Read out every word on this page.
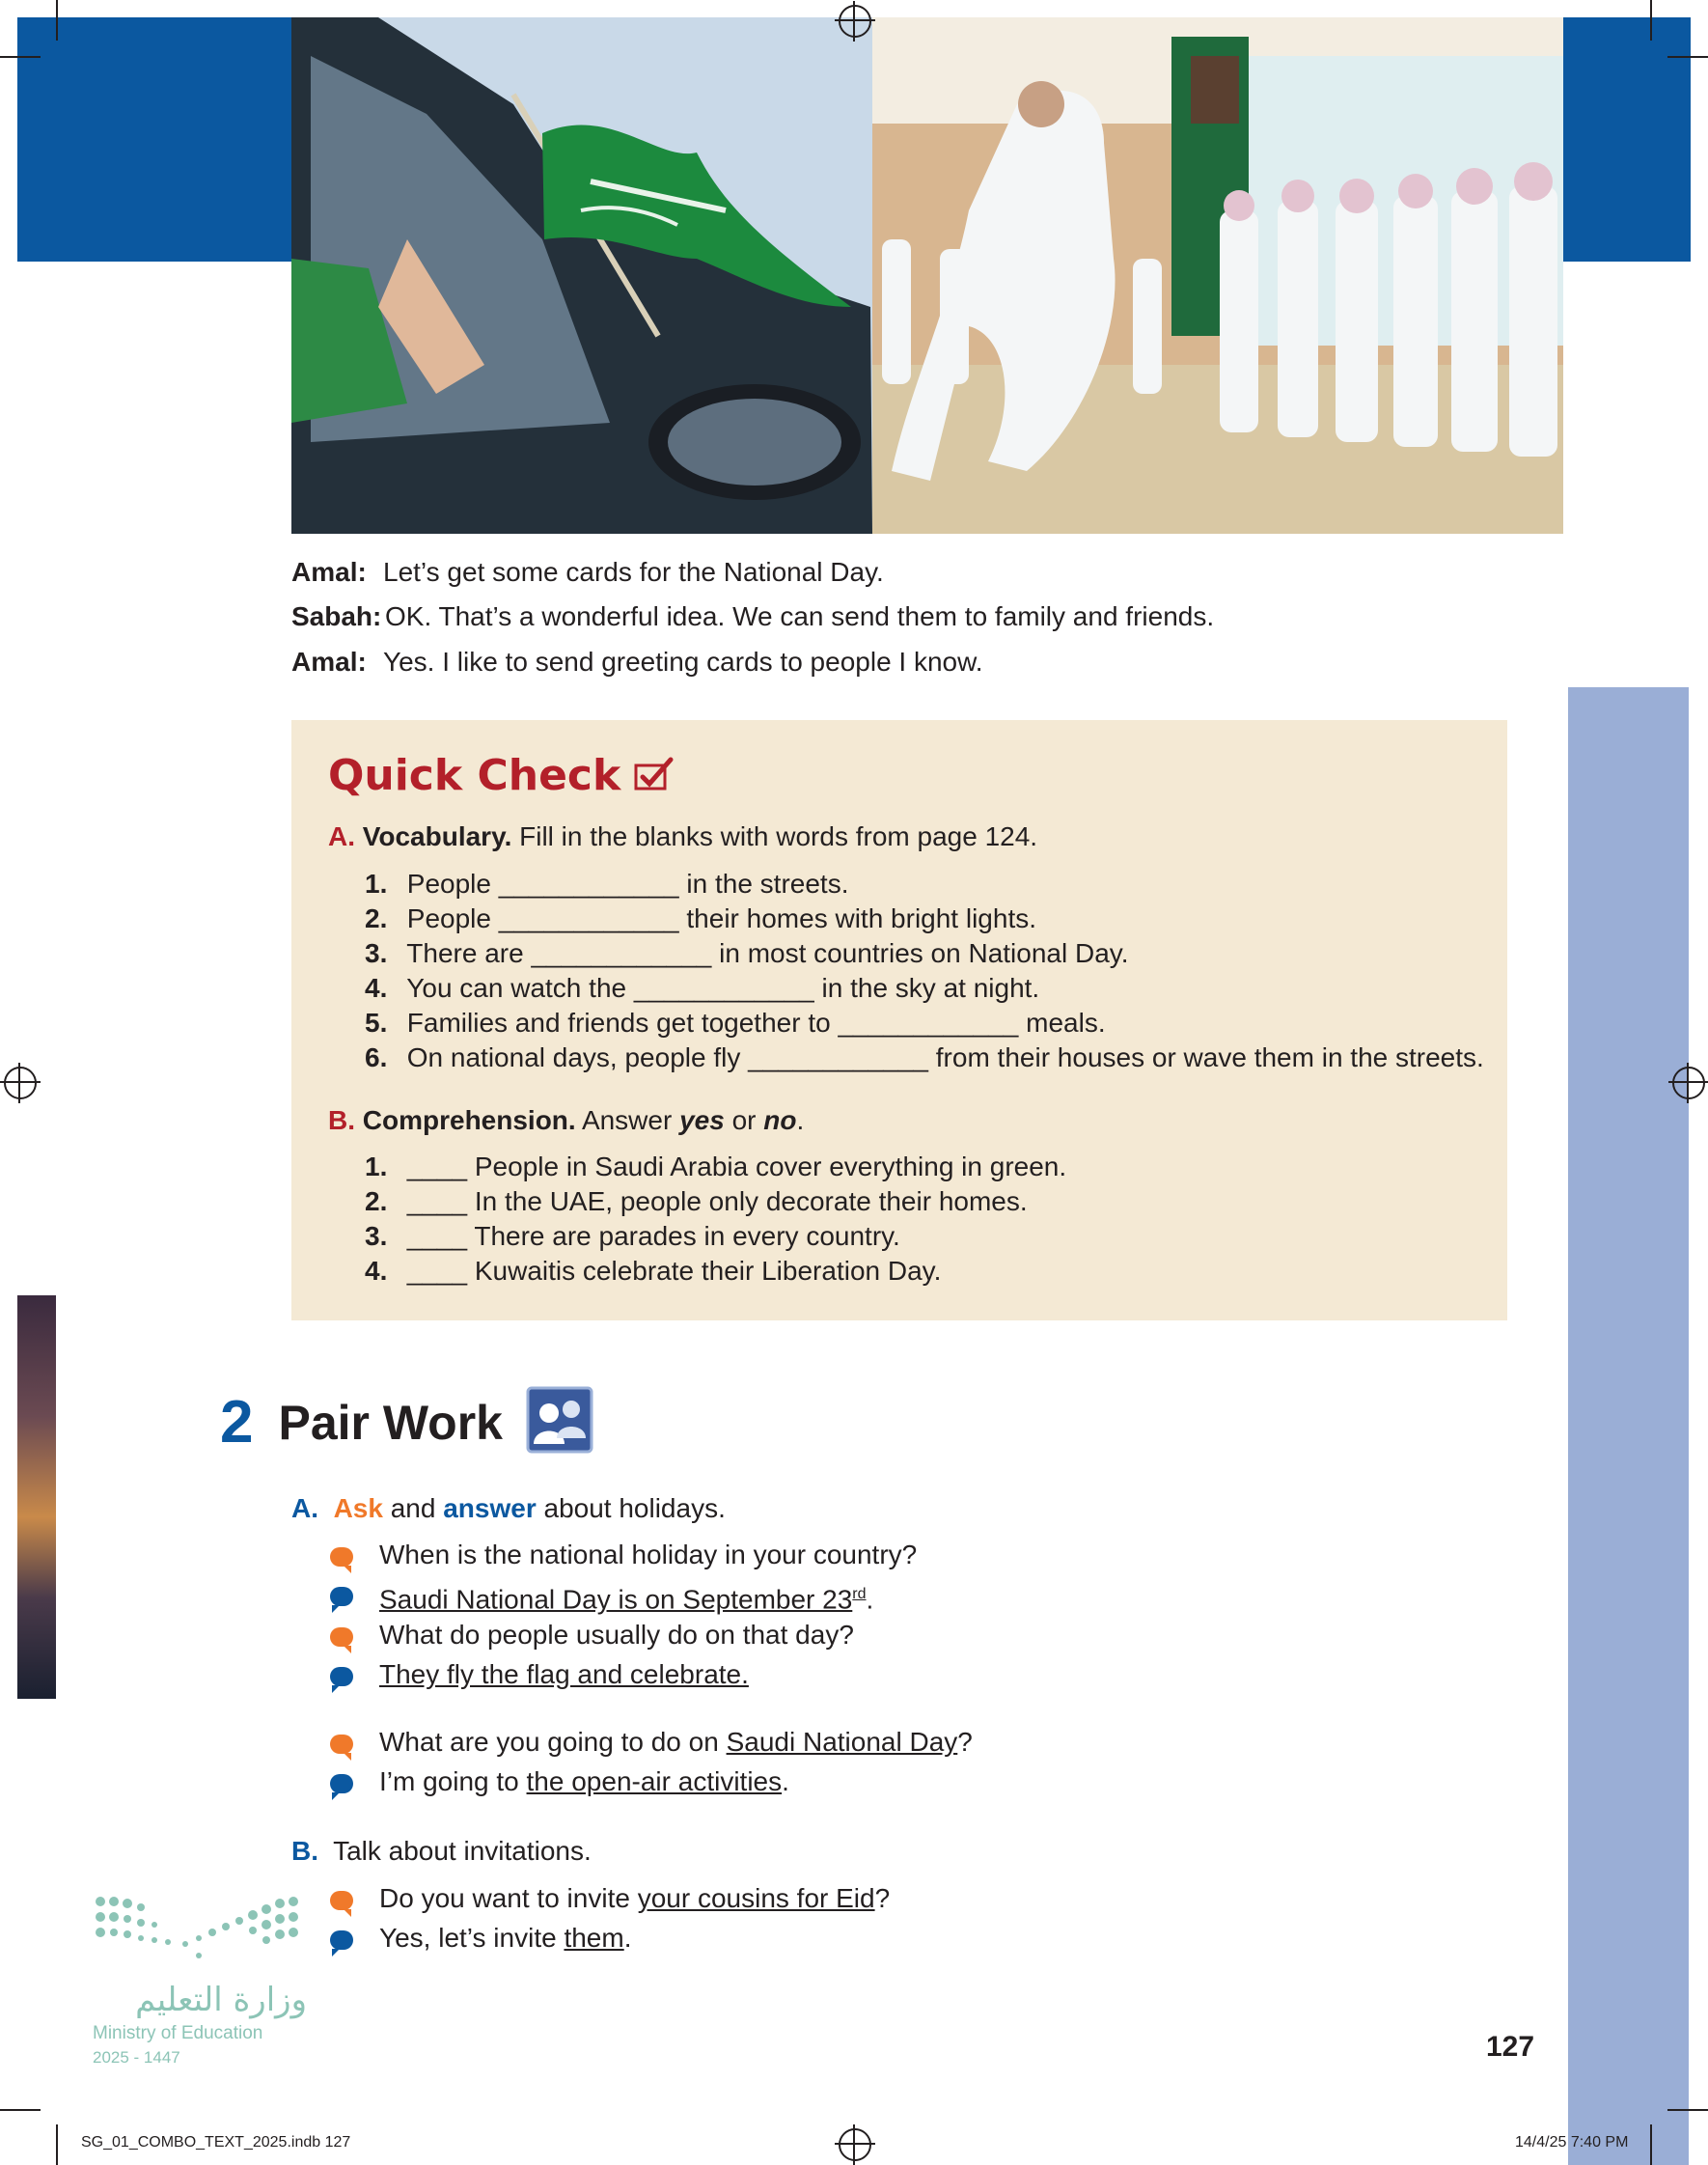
Amal: Let’s get some cards for the National Day.
Sabah: OK. That’s a wonderful idea. We can send them to family and friends.
Amal: Yes. I like to send greeting cards to people I know.
Quick Check
A. Vocabulary. Fill in the blanks with words from page 124.
1. People ____________ in the streets.
2. People ____________ their homes with bright lights.
3. There are ____________ in most countries on National Day.
4. You can watch the ____________ in the sky at night.
5. Families and friends get together to ____________ meals.
6. On national days, people fly ____________ from their houses or wave them in the streets.
B. Comprehension. Answer yes or no.
1. ____ People in Saudi Arabia cover everything in green.
2. ____ In the UAE, people only decorate their homes.
3. ____ There are parades in every country.
4. ____ Kuwaitis celebrate their Liberation Day.
2 Pair Work
A. Ask and answer about holidays.
When is the national holiday in your country?
Saudi National Day is on September 23rd.
What do people usually do on that day?
They fly the flag and celebrate.
What are you going to do on Saudi National Day?
I’m going to the open-air activities.
B. Talk about invitations.
Do you want to invite your cousins for Eid?
Yes, let’s invite them.
وزارة التعليم
Ministry of Education
2025 - 1447	127
SG_01_COMBO_TEXT_2025.indb 127	14/4/25 7:40 PM
